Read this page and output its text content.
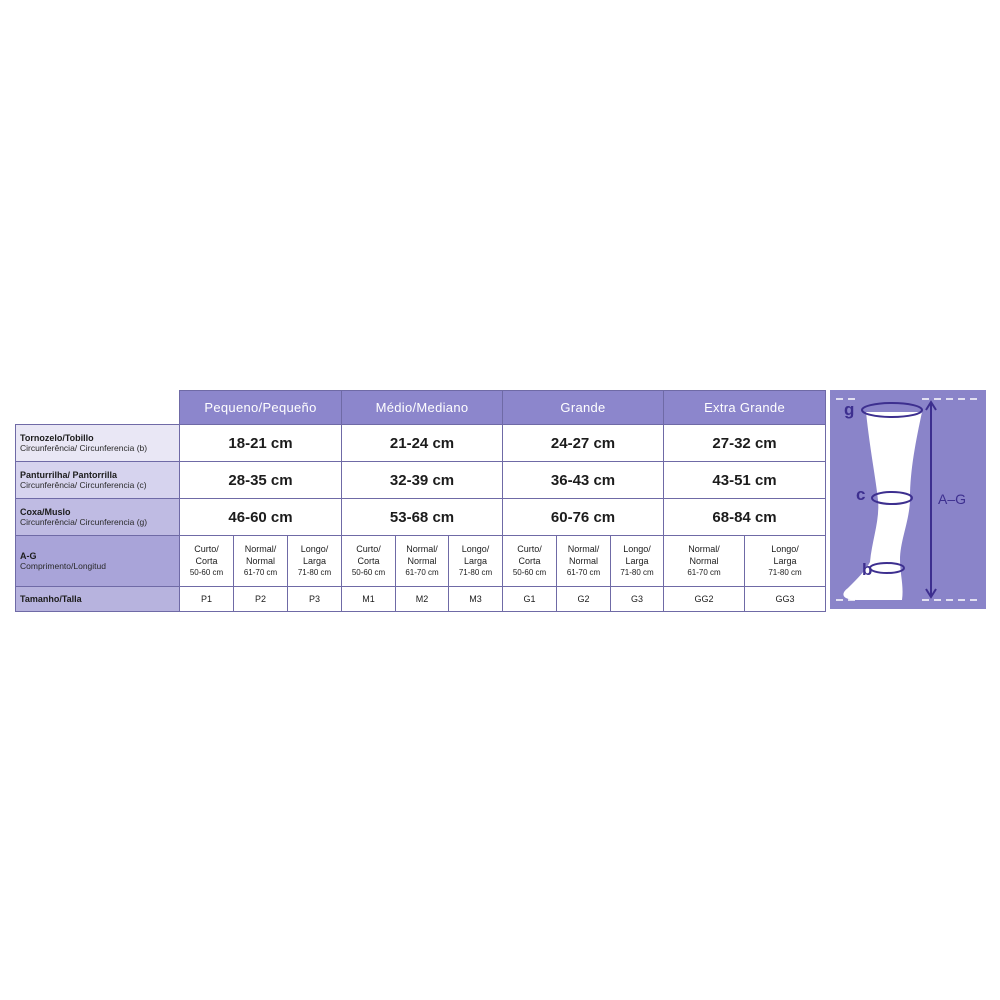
	Pequeno/Pequeño			Médio/Mediano			Grande			Extra Grande	

Tornozelo/Tobillo
Circunferência/ Circunferencia (b)	18-21 cm			21-24 cm			24-27 cm			27-32 cm	

Panturrilha/ Pantorrilla
Circunferência/ Circunferencia (c)	28-35 cm			32-39 cm			36-43 cm			43-51 cm	

Coxa/Muslo
Circunferência/ Circunferencia (g)	46-60 cm			53-68 cm			60-76 cm			68-84 cm	

A-G
Comprimento/Longitud	Curto/
Corta
50-60 cm	Normal/
Normal
61-70 cm	Longo/
Larga
71-80 cm	Curto/
Corta
50-60 cm	Normal/
Normal
61-70 cm	Longo/
Larga
71-80 cm	Curto/
Corta
50-60 cm	Normal/
Normal
61-70 cm	Longo/
Larga
71-80 cm	Normal/
Normal
61-70 cm	Longo/
Larga
71-80 cm

Tamanho/Talla	P1	P2	P3	M1	M2	M3	G1	G2	G3	GG2	GG3
g
c
b
A–G
